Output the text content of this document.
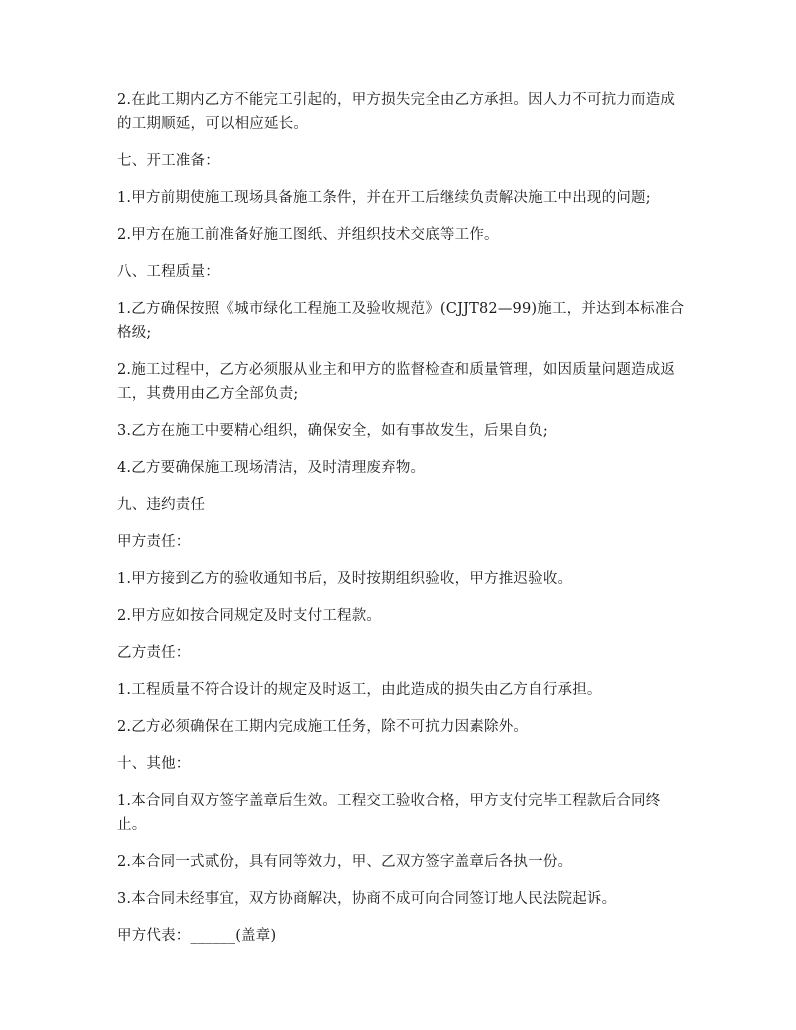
2.在此工期内乙方不能完工引起的，甲方损失完全由乙方承担。因人力不可抗力而造成的工期顺延，可以相应延长。

七、开工准备：

1.甲方前期使施工现场具备施工条件，并在开工后继续负责解决施工中出现的问题;

2.甲方在施工前准备好施工图纸、并组织技术交底等工作。

八、工程质量：

1.乙方确保按照《城市绿化工程施工及验收规范》(CJJT82—99)施工，并达到本标准合格级;

2.施工过程中，乙方必须服从业主和甲方的监督检查和质量管理，如因质量问题造成返工，其费用由乙方全部负责;

3.乙方在施工中要精心组织，确保安全，如有事故发生，后果自负;

4.乙方要确保施工现场清洁，及时清理废弃物。

九、违约责任

甲方责任：

1.甲方接到乙方的验收通知书后，及时按期组织验收，甲方推迟验收。

2.甲方应如按合同规定及时支付工程款。

乙方责任：

1.工程质量不符合设计的规定及时返工，由此造成的损失由乙方自行承担。

2.乙方必须确保在工期内完成施工任务，除不可抗力因素除外。

十、其他：

1.本合同自双方签字盖章后生效。工程交工验收合格，甲方支付完毕工程款后合同终止。

2.本合同一式贰份，具有同等效力，甲、乙双方签字盖章后各执一份。

3.本合同未经事宜，双方协商解决，协商不成可向合同签订地人民法院起诉。

甲方代表：______(盖章)
